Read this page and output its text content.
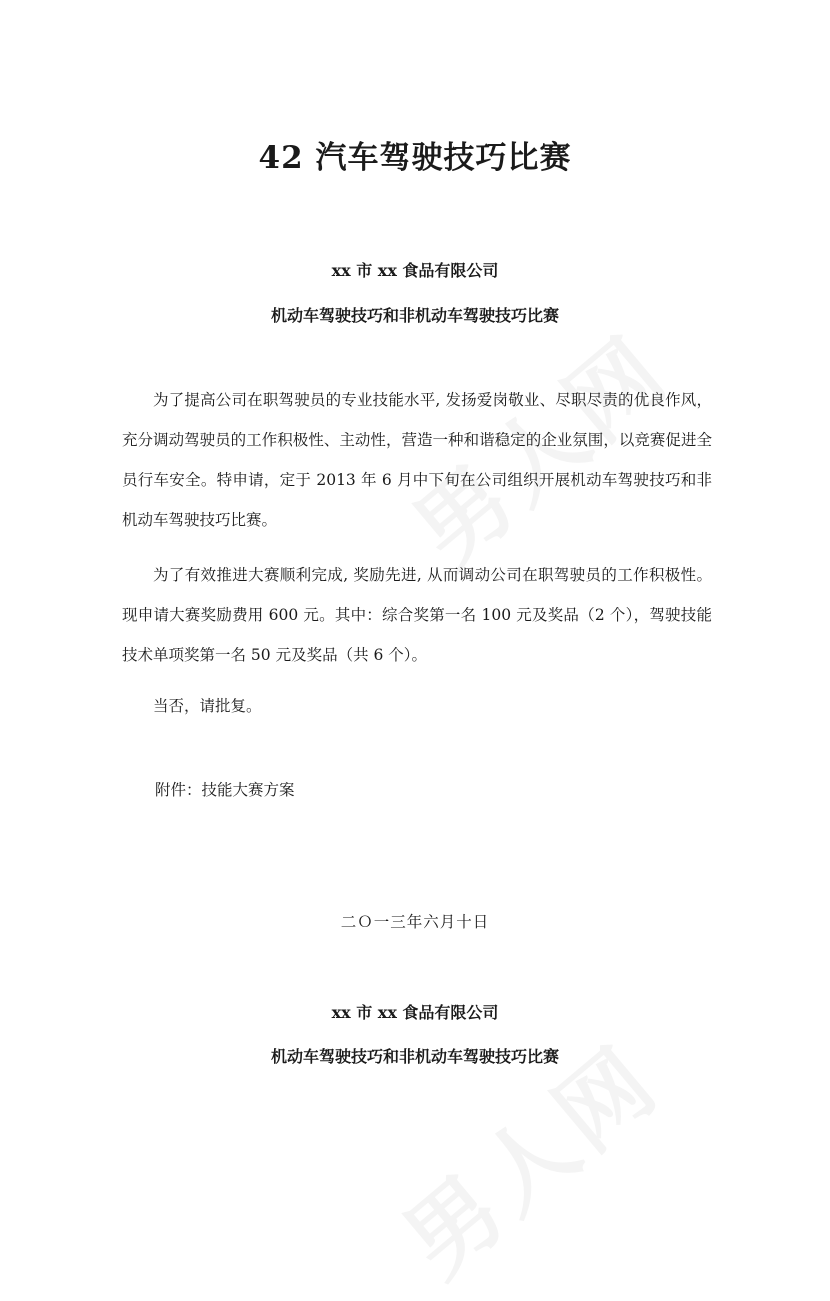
42 汽车驾驶技巧比赛
xx 市 xx 食品有限公司
机动车驾驶技巧和非机动车驾驶技巧比赛
为了提高公司在职驾驶员的专业技能水平, 发扬爱岗敬业、尽职尽责的优良作风，充分调动驾驶员的工作积极性、主动性，营造一种和谐稳定的企业氛围，以竞赛促进全员行车安全。特申请，定于 2013 年 6 月中下旬在公司组织开展机动车驾驶技巧和非机动车驾驶技巧比赛。
为了有效推进大赛顺利完成, 奖励先进, 从而调动公司在职驾驶员的工作积极性。现申请大赛奖励费用 600 元。其中：综合奖第一名 100 元及奖品（2 个），驾驶技能技术单项奖第一名 50 元及奖品（共 6 个）。
当否，请批复。
附件：技能大赛方案
二Ｏ一三年六月十日
xx 市 xx 食品有限公司
机动车驾驶技巧和非机动车驾驶技巧比赛
